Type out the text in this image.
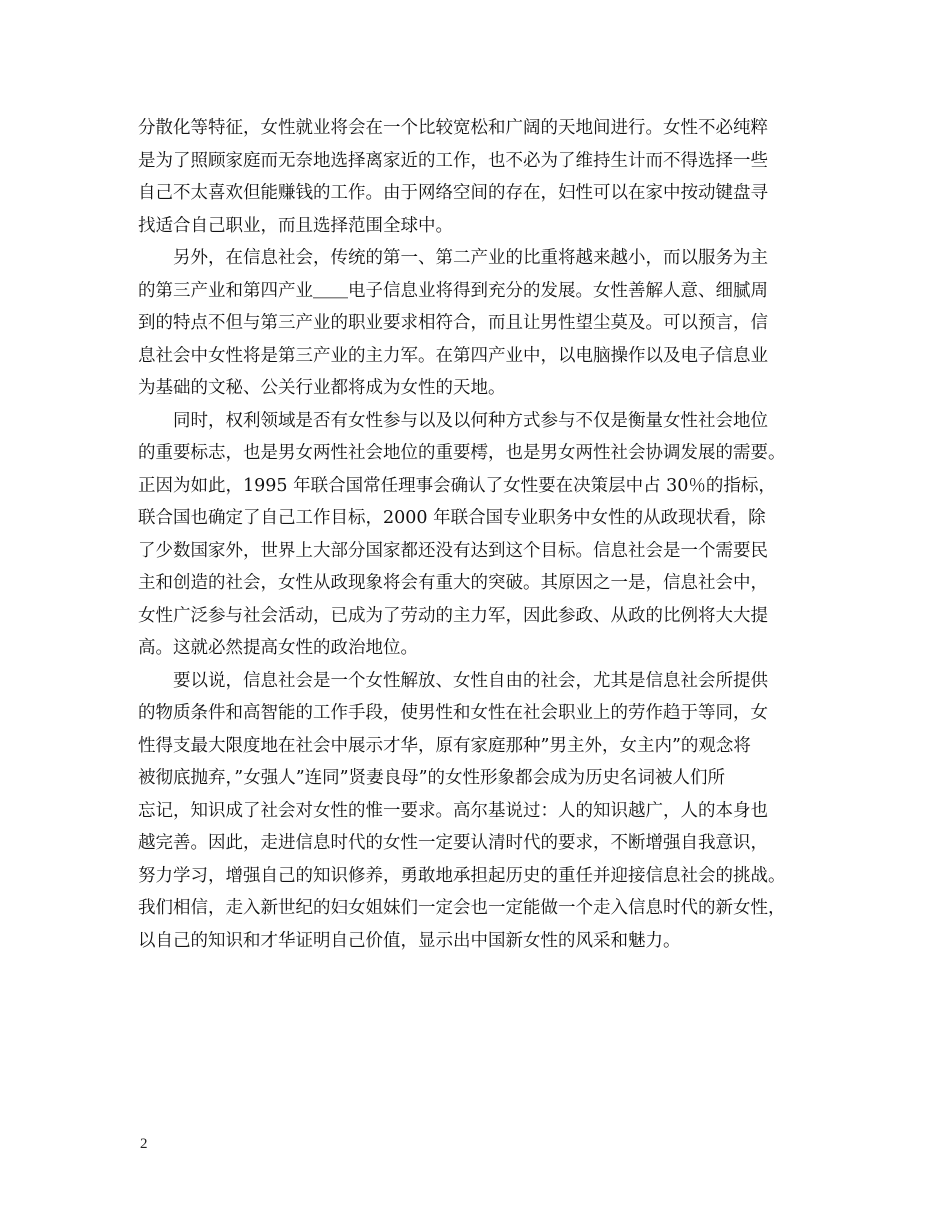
分散化等特征，女性就业将会在一个比较宽松和广阔的天地间进行。女性不必纯粹
是为了照顾家庭而无奈地选择离家近的工作，也不必为了维持生计而不得选择一些
自己不太喜欢但能赚钱的工作。由于网络空间的存在，妇性可以在家中按动键盘寻
找适合自己职业，而且选择范围全球中。
　　另外，在信息社会，传统的第一、第二产业的比重将越来越小，而以服务为主
的第三产业和第四产业＿＿电子信息业将得到充分的发展。女性善解人意、细腻周
到的特点不但与第三产业的职业要求相符合，而且让男性望尘莫及。可以预言，信
息社会中女性将是第三产业的主力军。在第四产业中，以电脑操作以及电子信息业
为基础的文秘、公关行业都将成为女性的天地。
　　同时，权利领域是否有女性参与以及以何种方式参与不仅是衡量女性社会地位
的重要标志，也是男女两性社会地位的重要樗，也是男女两性社会协调发展的需要。
正因为如此，1995 年联合国常任理事会确认了女性要在决策层中占 30％的指标，
联合国也确定了自己工作目标，2000 年联合国专业职务中女性的从政现状看，除
了少数国家外，世界上大部分国家都还没有达到这个目标。信息社会是一个需要民
主和创造的社会，女性从政现象将会有重大的突破。其原因之一是，信息社会中，
女性广泛参与社会活动，已成为了劳动的主力军，因此参政、从政的比例将大大提
高。这就必然提高女性的政治地位。
　　要以说，信息社会是一个女性解放、女性自由的社会，尤其是信息社会所提供
的物质条件和高智能的工作手段，使男性和女性在社会职业上的劳作趋于等同，女
性得支最大限度地在社会中展示才华，原有家庭那种”男主外，女主内”的观念将
被彻底抛弃，”女强人”连同”贤妻良母”的女性形象都会成为历史名词被人们所
忘记，知识成了社会对女性的惟一要求。高尔基说过：人的知识越广，人的本身也
越完善。因此，走进信息时代的女性一定要认清时代的要求，不断增强自我意识，
努力学习，增强自己的知识修养，勇敢地承担起历史的重任并迎接信息社会的挑战。
我们相信，走入新世纪的妇女姐妹们一定会也一定能做一个走入信息时代的新女性，
以自己的知识和才华证明自己价值，显示出中国新女性的风采和魅力。
2
